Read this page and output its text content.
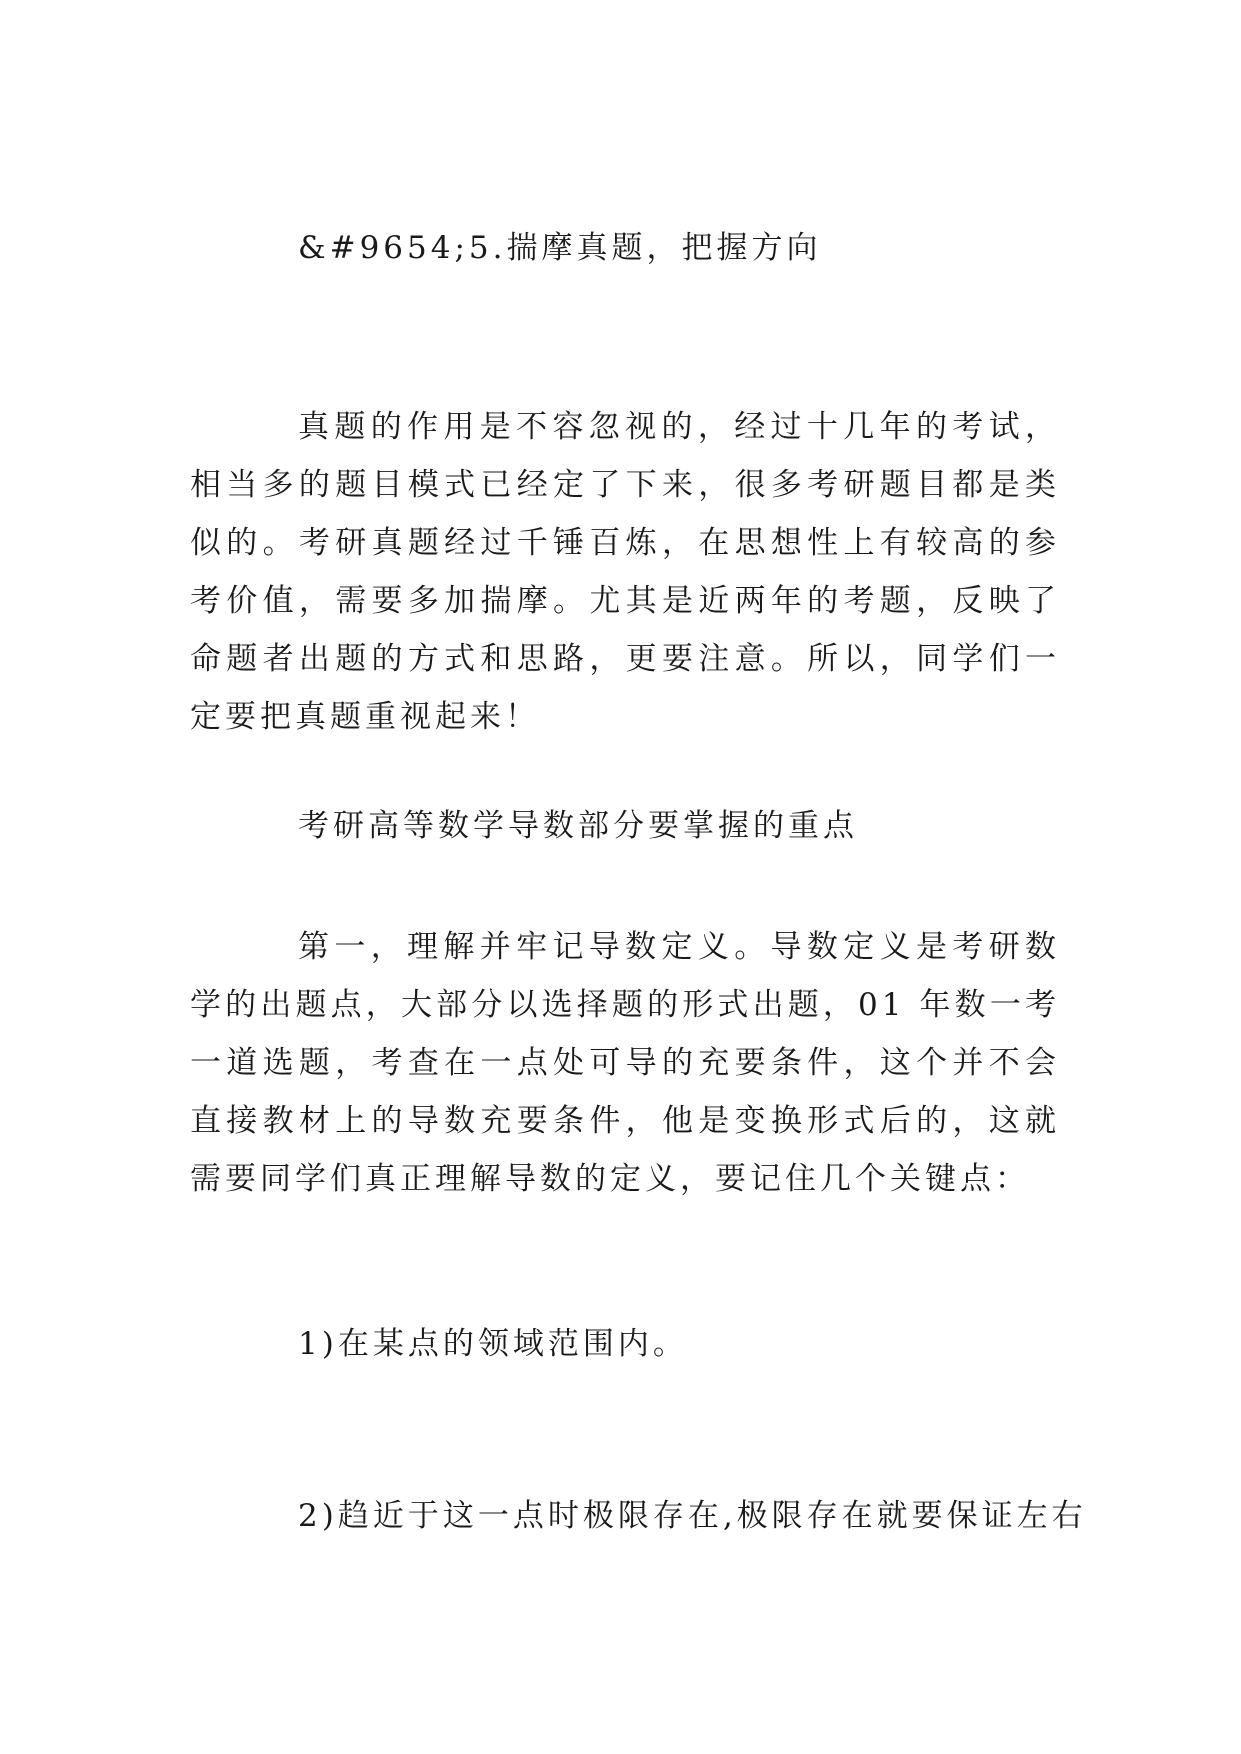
&#9654;5.揣摩真题，把握方向

真题的作用是不容忽视的，经过十几年的考试，相当多的题目模式已经定了下来，很多考研题目都是类似的。考研真题经过千锤百炼，在思想性上有较高的参考价值，需要多加揣摩。尤其是近两年的考题，反映了命题者出题的方式和思路，更要注意。所以，同学们一定要把真题重视起来！

考研高等数学导数部分要掌握的重点

第一，理解并牢记导数定义。导数定义是考研数学的出题点，大部分以选择题的形式出题，01 年数一考一道选题，考查在一点处可导的充要条件，这个并不会直接教材上的导数充要条件，他是变换形式后的，这就需要同学们真正理解导数的定义，要记住几个关键点：

1)在某点的领域范围内。

2)趋近于这一点时极限存在,极限存在就要保证左右
